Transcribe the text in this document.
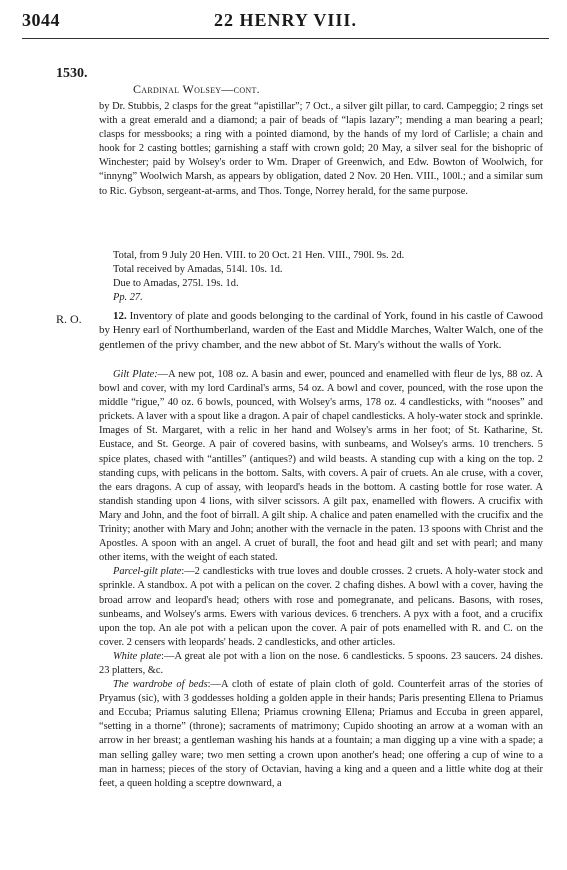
3044	22 HENRY VIII.
1530.
Cardinal Wolsey—cont.

by Dr. Stubbis, 2 clasps for the great “apistillar”; 7 Oct., a silver gilt pillar, to card. Campeggio; 2 rings set with a great emerald and a diamond; a pair of beads of “lapis lazary”; mending a man bearing a pearl; clasps for messbooks; a ring with a pointed diamond, by the hands of my lord of Carlisle; a chain and hook for 2 casting bottles; garnishing a staff with crown gold; 20 May, a silver seal for the bishopric of Winchester; paid by Wolsey's order to Wm. Draper of Greenwich, and Edw. Bowton of Woolwich, for “innyng” Woolwich Marsh, as appears by obligation, dated 2 Nov. 20 Hen. VIII., 100l.; and a similar sum to Ric. Gybson, sergeant-at-arms, and Thos. Tonge, Norrey herald, for the same purpose.

Total, from 9 July 20 Hen. VIII. to 20 Oct. 21 Hen. VIII., 790l. 9s. 2d.
Total received by Amadas, 514l. 10s. 1d.
Due to Amadas, 275l. 19s. 1d.
Pp. 27.
R. O.	12. Inventory of plate and goods belonging to the cardinal of York, found in his castle of Cawood by Henry earl of Northumberland, warden of the East and Middle Marches, Walter Walch, one of the gentlemen of the privy chamber, and the new abbot of St. Mary's without the walls of York.

Gilt Plate:—A new pot, 108 oz. A basin and ewer, pounced and enamelled with fleur de lys, 88 oz. A bowl and cover, with my lord Cardinal's arms, 54 oz. A bowl and cover, pounced, with the rose upon the middle “rigue,” 40 oz. 6 bowls, pounced, with Wolsey's arms, 178 oz. 4 candlesticks, with “nooses” and prickets. A laver with a spout like a dragon. A pair of chapel candlesticks. A holy-water stock and sprinkle. Images of St. Margaret, with a relic in her hand and Wolsey's arms in her foot; of St. Katharine, St. Eustace, and St. George. A pair of covered basins, with sunbeams, and Wolsey's arms. 10 trenchers. 5 spice plates, chased with “antilles” (antiques?) and wild beasts. A standing cup with a king on the top. 2 standing cups, with pelicans in the bottom. Salts, with covers. A pair of cruets. An ale cruse, with a cover, the ears dragons. A cup of assay, with leopard's heads in the bottom. A casting bottle for rose water. A standish standing upon 4 lions, with silver scissors. A gilt pax, enamelled with flowers. A crucifix with Mary and John, and the foot of birrall. A gilt ship. A chalice and paten enamelled with the crucifix and the Trinity; another with Mary and John; another with the vernacle in the paten. 13 spoons with Christ and the Apostles. A spoon with an angel. A cruet of burall, the foot and head gilt and set with pearl; and many other items, with the weight of each stated.

Parcel-gilt plate:—2 candlesticks with true loves and double crosses. 2 cruets. A holy-water stock and sprinkle. A standbox. A pot with a pelican on the cover. 2 chafing dishes. A bowl with a cover, having the broad arrow and leopard's head; others with rose and pomegranate, and pelicans. Basons, with roses, sunbeams, and Wolsey's arms. Ewers with various devices. 6 trenchers. A pyx with a foot, and a crucifix upon the top. An ale pot with a pelican upon the cover. A pair of pots enamelled with R. and C. on the cover. 2 censers with leopards' heads. 2 candlesticks, and other articles.

White plate:—A great ale pot with a lion on the nose. 6 candlesticks. 5 spoons. 23 saucers. 24 dishes. 23 platters, &c.

The wardrobe of beds:—A cloth of estate of plain cloth of gold. Counterfeit arras of the stories of Pryamus (sic), with 3 goddesses holding a golden apple in their hands; Paris presenting Ellena to Priamus and Eccuba; Priamus saluting Ellena; Priamus crowning Ellena; Priamus and Eccuba in green apparel, “setting in a thorne” (throne); sacraments of matrimony; Cupido shooting an arrow at a woman with an arrow in her breast; a gentleman washing his hands at a fountain; a man digging up a vine with a spade; a man selling galley ware; two men setting a crown upon another's head; one offering a cup of wine to a man in harness; pieces of the story of Octavian, having a king and a queen and a little white dog at their feet, a queen holding a sceptre downward, a
